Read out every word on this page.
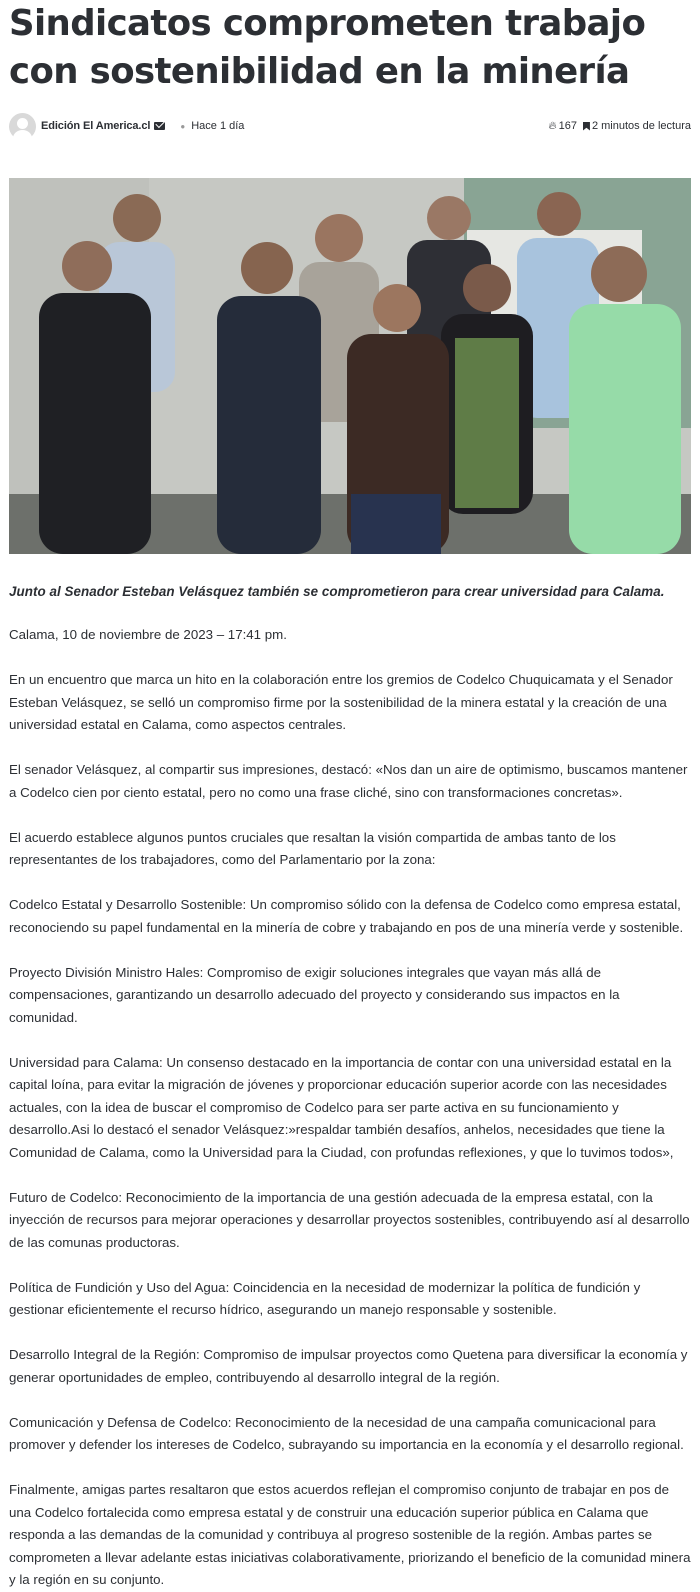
Sindicatos comprometen trabajo con sostenibilidad en la minería
Edición El America.cl	● Hace 1 día	🔥︎ 167 2 minutos de lectura

Junto al Senador Esteban Velásquez también se comprometieron para crear universidad para Calama.

Calama, 10 de noviembre de 2023 – 17:41 pm.

En un encuentro que marca un hito en la colaboración entre los gremios de Codelco Chuquicamata y el Senador Esteban Velásquez, se selló un compromiso firme por la sostenibilidad de la minera estatal y la creación de una universidad estatal en Calama, como aspectos centrales.

El senador Velásquez, al compartir sus impresiones, destacó: «Nos dan un aire de optimismo, buscamos mantener a Codelco cien por ciento estatal, pero no como una frase cliché, sino con transformaciones concretas».

El acuerdo establece algunos puntos cruciales que resaltan la visión compartida de ambas tanto de los representantes de los trabajadores, como del Parlamentario por la zona:

Codelco Estatal y Desarrollo Sostenible: Un compromiso sólido con la defensa de Codelco como empresa estatal, reconociendo su papel fundamental en la minería de cobre y trabajando en pos de una minería verde y sostenible.

Proyecto División Ministro Hales: Compromiso de exigir soluciones integrales que vayan más allá de compensaciones, garantizando un desarrollo adecuado del proyecto y considerando sus impactos en la comunidad.

Universidad para Calama: Un consenso destacado en la importancia de contar con una universidad estatal en la capital loína, para evitar la migración de jóvenes y proporcionar educación superior acorde con las necesidades actuales, con la idea de buscar el compromiso de Codelco para ser parte activa en su funcionamiento y desarrollo.Asi lo destacó el senador Velásquez:»respaldar también desafíos, anhelos, necesidades que tiene la Comunidad de Calama, como la Universidad para la Ciudad, con profundas reflexiones, y que lo tuvimos todos»,

Futuro de Codelco: Reconocimiento de la importancia de una gestión adecuada de la empresa estatal, con la inyección de recursos para mejorar operaciones y desarrollar proyectos sostenibles, contribuyendo así al desarrollo de las comunas productoras.

Política de Fundición y Uso del Agua: Coincidencia en la necesidad de modernizar la política de fundición y gestionar eficientemente el recurso hídrico, asegurando un manejo responsable y sostenible.

Desarrollo Integral de la Región: Compromiso de impulsar proyectos como Quetena para diversificar la economía y generar oportunidades de empleo, contribuyendo al desarrollo integral de la región.

Comunicación y Defensa de Codelco: Reconocimiento de la necesidad de una campaña comunicacional para promover y defender los intereses de Codelco, subrayando su importancia en la economía y el desarrollo regional.

Finalmente, amigas partes resaltaron que estos acuerdos reflejan el compromiso conjunto de trabajar en pos de una Codelco fortalecida como empresa estatal y de construir una educación superior pública en Calama que responda a las demandas de la comunidad y contribuya al progreso sostenible de la región. Ambas partes se comprometen a llevar adelante estas iniciativas colaborativamente, priorizando el beneficio de la comunidad minera y la región en su conjunto.
